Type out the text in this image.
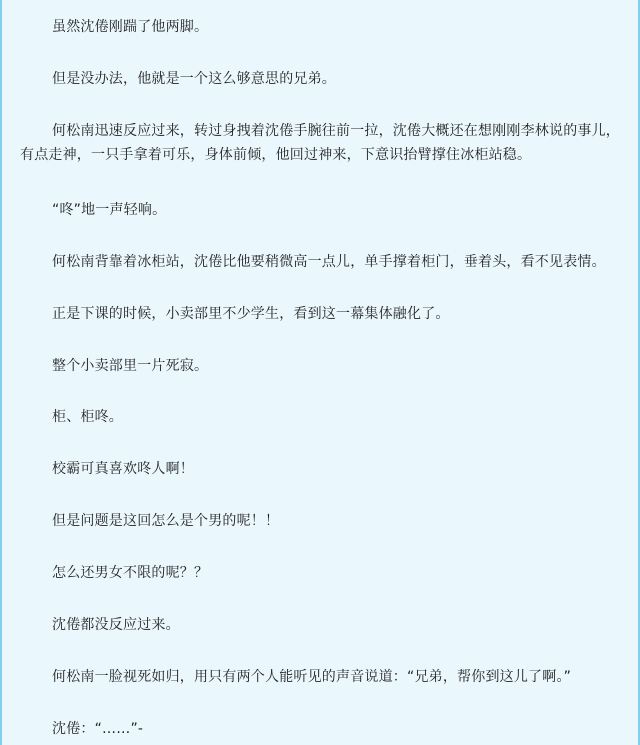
虽然沈倦刚踹了他两脚。

但是没办法，他就是一个这么够意思的兄弟。

何松南迅速反应过来，转过身拽着沈倦手腕往前一拉，沈倦大概还在想刚刚李林说的事儿，有点走神，一只手拿着可乐，身体前倾，他回过神来，下意识抬臂撑住冰柜站稳。

“咚”地一声轻响。

何松南背靠着冰柜站，沈倦比他要稍微高一点儿，单手撑着柜门，垂着头，看不见表情。

正是下课的时候，小卖部里不少学生，看到这一幕集体融化了。

整个小卖部里一片死寂。

柜、柜咚。

校霸可真喜欢咚人啊！

但是问题是这回怎么是个男的呢！！

怎么还男女不限的呢？？

沈倦都没反应过来。

何松南一脸视死如归，用只有两个人能听见的声音说道：“兄弟，帮你到这儿了啊。”

沈倦：“……”-
